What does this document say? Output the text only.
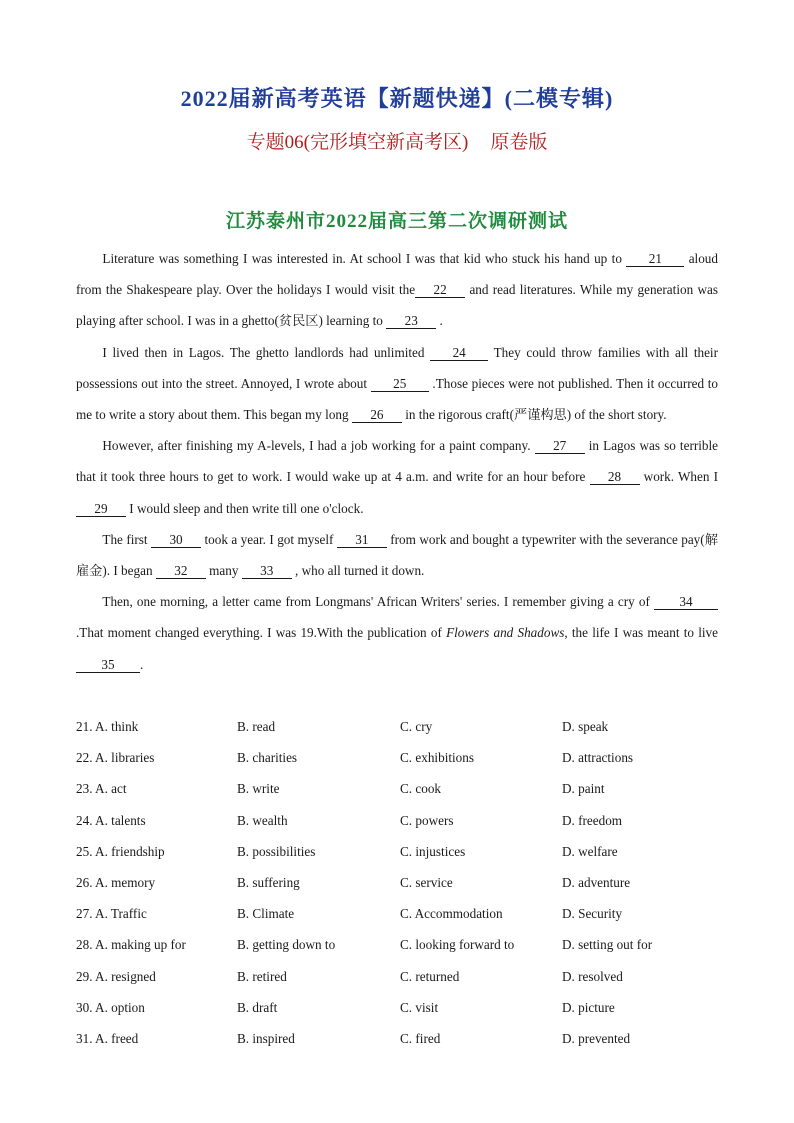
2022届新高考英语【新题快递】(二模专辑)
专题06(完形填空新高考区) 原卷版
江苏泰州市2022届高三第二次调研测试

Literature was something I was interested in. At school I was that kid who stuck his hand up to 21 aloud from the Shakespeare play. Over the holidays I would visit the 22 and read literatures. While my generation was playing after school. I was in a ghetto(贫民区) learning to 23 .

I lived then in Lagos. The ghetto landlords had unlimited 24 They could throw families with all their possessions out into the street. Annoyed, I wrote about 25 .Those pieces were not published. Then it occurred to me to write a story about them. This began my long 26 in the rigorous craft(严谨构思) of the short story.

However, after finishing my A-levels, I had a job working for a paint company. 27 in Lagos was so terrible that it took three hours to get to work. I would wake up at 4 a.m. and write for an hour before 28 work. When I 29 I would sleep and then write till one o'clock.

The first 30 took a year. I got myself 31 from work and bought a typewriter with the severance pay(解雇金). I began 32 many 33 , who all turned it down.

Then, one morning, a letter came from Longmans' African Writers' series. I remember giving a cry of 34 .That moment changed everything. I was 19.With the publication of Flowers and Shadows, the life I was meant to live35 .

21. A. think	B. read	C. cry	D. speak
22. A. libraries	B. charities	C. exhibitions	D. attractions
23. A. act	B. write	C. cook	D. paint
24. A. talents	B. wealth	C. powers	D. freedom
25. A. friendship	B. possibilities	C. injustices	D. welfare
26. A. memory	B. suffering	C. service	D. adventure
27. A. Traffic	B. Climate	C. Accommodation	D. Security
28. A. making up for	B. getting down to	C. looking forward to	D. setting out for
29. A. resigned	B. retired	C. returned	D. resolved
30. A. option	B. draft	C. visit	D. picture
31. A. freed	B. inspired	C. fired	D. prevented
